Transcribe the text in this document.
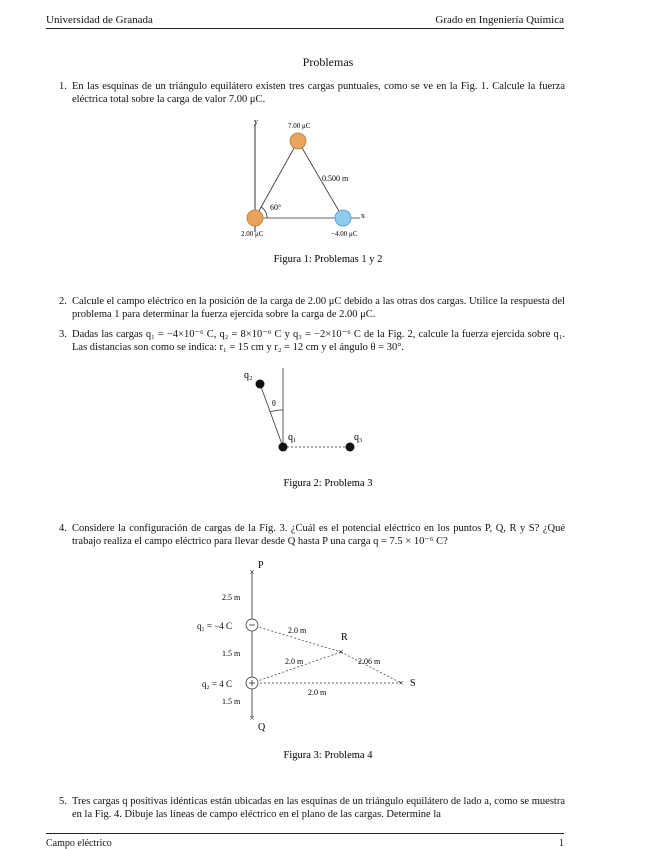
Universidad de Granada	Grado en Ingeniería Química
Problemas
1. En las esquinas de un triángulo equilátero existen tres cargas puntuales, como se ve en la Fig. 1. Calcule la fuerza eléctrica total sobre la carga de valor 7.00 μC.
2. Calcule el campo eléctrico en la posición de la carga de 2.00 μC debido a las otras dos cargas. Utilice la respuesta del problema 1 para determinar la fuerza ejercida sobre la carga de 2.00 μC.
3. Dadas las cargas q₁ = −4×10⁻⁶ C, q₂ = 8×10⁻⁶ C y q₃ = −2×10⁻⁶ C de la Fig. 2, calcule la fuerza ejercida sobre q₁. Las distancias son como se indica: r₁ = 15 cm y r₂ = 12 cm y el ángulo θ = 30°.
4. Considere la configuración de cargas de la Fig. 3. ¿Cuál es el potencial eléctrico en los puntos P, Q, R y S? ¿Qué trabajo realiza el campo eléctrico para llevar desde Q hasta P una carga q = 7.5 × 10⁻⁶ C?
5. Tres cargas q positivas idénticas están ubicadas en las esquinas de un triángulo equilátero de lado a, como se muestra en la Fig. 4. Dibuje las líneas de campo eléctrico en el plano de las cargas. Determine la
y
x
60°
0.500 m
7.00 μC
2.00 μC	−4.00 μC
θ
q₂
q₁	q₃
Figura 2: Problema 3
×
×
×
×
P
Q
R
S
q₁ = −4 C
q₂ = 4 C
2.5 m
1.5 m
1.5 m
2.0 m
2.0 m	2.06 m
2.0 m
Figura 3: Problema 4
Figura 1: Problemas 1 y 2
Campo eléctrico	1
